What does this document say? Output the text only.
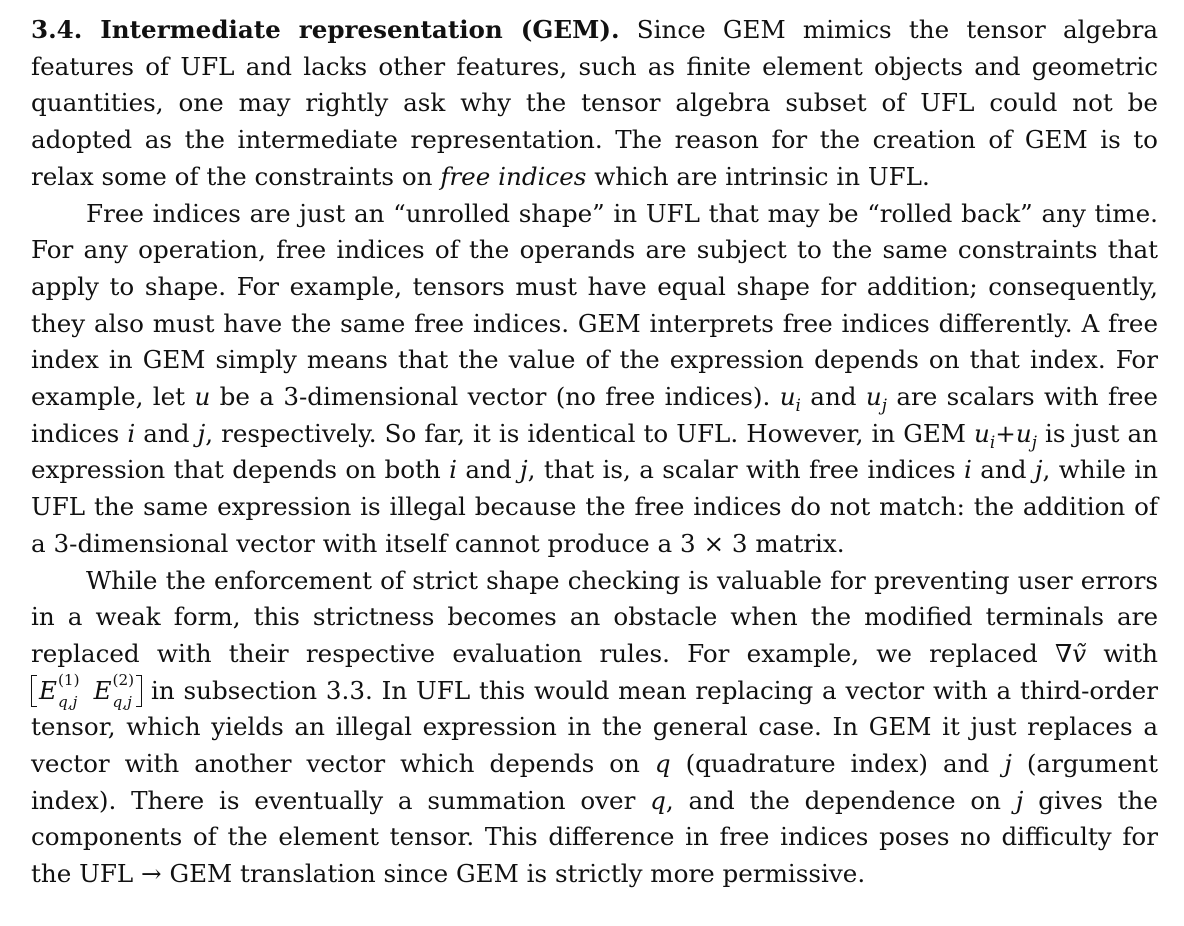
3.4. Intermediate representation (GEM). Since GEM mimics the tensor algebra features of UFL and lacks other features, such as finite element objects and geometric quantities, one may rightly ask why the tensor algebra subset of UFL could not be adopted as the intermediate representation. The reason for the creation of GEM is to relax some of the constraints on free indices which are intrinsic in UFL.

Free indices are just an “unrolled shape” in UFL that may be “rolled back” any time. For any operation, free indices of the operands are subject to the same constraints that apply to shape. For example, tensors must have equal shape for addition; consequently, they also must have the same free indices. GEM interprets free indices differently. A free index in GEM simply means that the value of the expression depends on that index. For example, let u be a 3-dimensional vector (no free indices). $u_i$ and $u_j$ are scalars with free indices i and j, respectively. So far, it is identical to UFL. However, in GEM $u_i+u_j$ is just an expression that depends on both i and j, that is, a scalar with free indices i and j, while in UFL the same expression is illegal because the free indices do not match: the addition of a 3-dimensional vector with itself cannot produce a 3 × 3 matrix.

While the enforcement of strict shape checking is valuable for preventing user errors in a weak form, this strictness becomes an obstacle when the modified terminals are replaced with their respective evaluation rules. For example, we replaced ∇ṽ with E (1)
q,j E (2)
q,j in subsection 3.3. In UFL this would mean replacing a vector with a third-order tensor, which yields an illegal expression in the general case. In GEM it just replaces a vector with another vector which depends on q (quadrature index) and j (argument index). There is eventually a summation over q, and the dependence on j gives the components of the element tensor. This difference in free indices poses no difficulty for the UFL → GEM translation since GEM is strictly more permissive.
